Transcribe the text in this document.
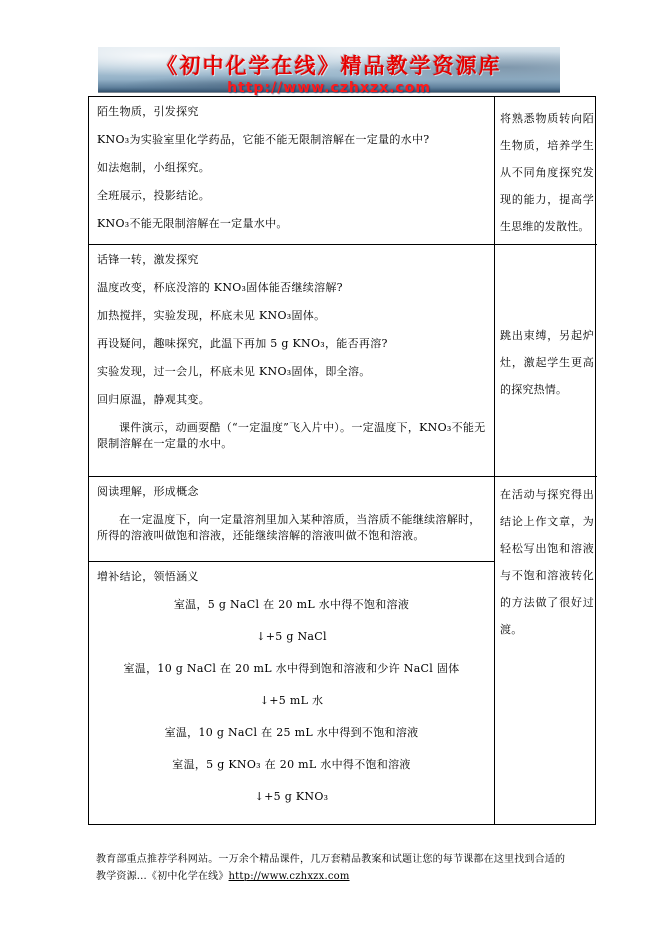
《初中化学在线》精品教学资源库
http://www.czhxzx.com

陌生物质，引发探究

KNO₃为实验室里化学药品，它能不能无限制溶解在一定量的水中?

如法炮制，小组探究。

全班展示，投影结论。

KNO₃不能无限制溶解在一定量水中。

将熟悉物质转向陌生物质，培养学生从不同角度探究发现的能力，提高学生思维的发散性。

话锋一转，激发探究

温度改变，杯底没溶的 KNO₃固体能否继续溶解?

加热搅拌，实验发现，杯底未见 KNO₃固体。

再设疑问，趣味探究，此温下再加 5 g KNO₃，能否再溶?

实验发现，过一会儿，杯底未见 KNO₃固体，即全溶。

回归原温，静观其变。

课件演示，动画耍酷（“一定温度”飞入片中）。一定温度下，KNO₃不能无限制溶解在一定量的水中。

跳出束缚，另起炉灶，激起学生更高的探究热情。

阅读理解，形成概念

在一定温度下，向一定量溶剂里加入某种溶质，当溶质不能继续溶解时，所得的溶液叫做饱和溶液，还能继续溶解的溶液叫做不饱和溶液。

在活动与探究得出结论上作文章，为轻松写出饱和溶液与不饱和溶液转化的方法做了很好过渡。

增补结论，领悟涵义

室温，5 g NaCl 在 20 mL 水中得不饱和溶液

↓+5 g NaCl

室温，10 g NaCl 在 20 mL 水中得到饱和溶液和少许 NaCl 固体

↓+5 mL 水

室温，10 g NaCl 在 25 mL 水中得到不饱和溶液

室温，5 g KNO₃ 在 20 mL 水中得不饱和溶液

↓+5 g KNO₃

教育部重点推荐学科网站。一万余个精品课件，几万套精品教案和试题让您的每节课都在这里找到合适的教学资源...《初中化学在线》http://www.czhxzx.com
